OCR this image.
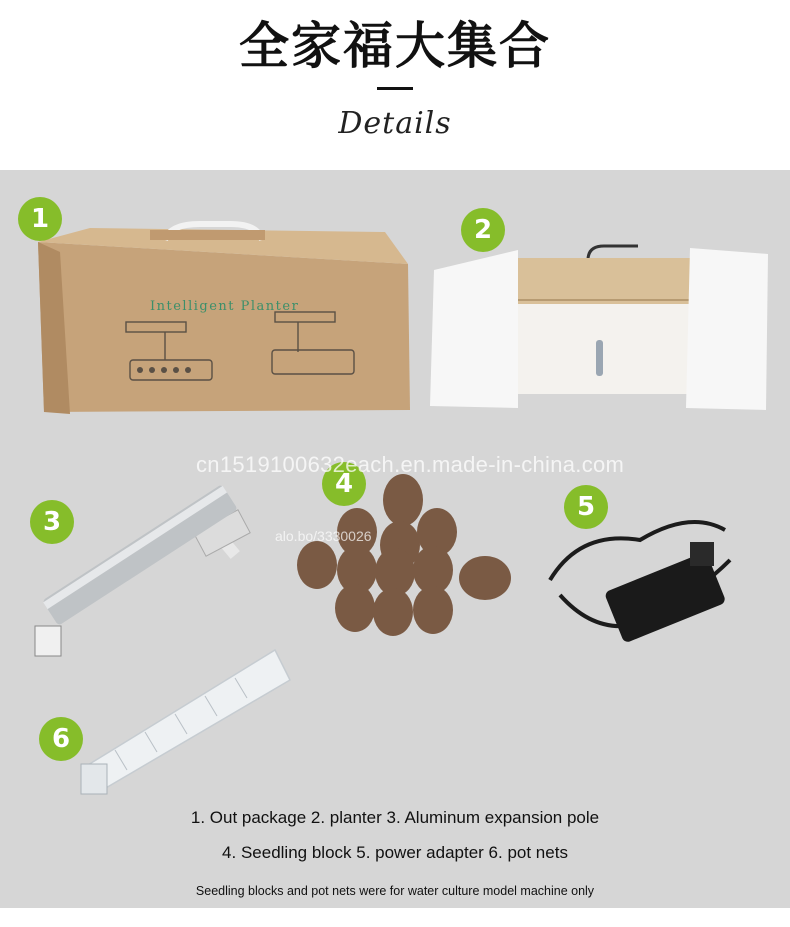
全家福大集合
Details
Intelligent Planter
1	2
3
4
5
6
cn1519100632each.en.made-in-china.com
alo.bo/3330026
1. Out package 2. planter 3. Aluminum expansion pole
4. Seedling block 5. power adapter 6. pot nets
Seedling blocks and pot nets were for water culture model machine only
